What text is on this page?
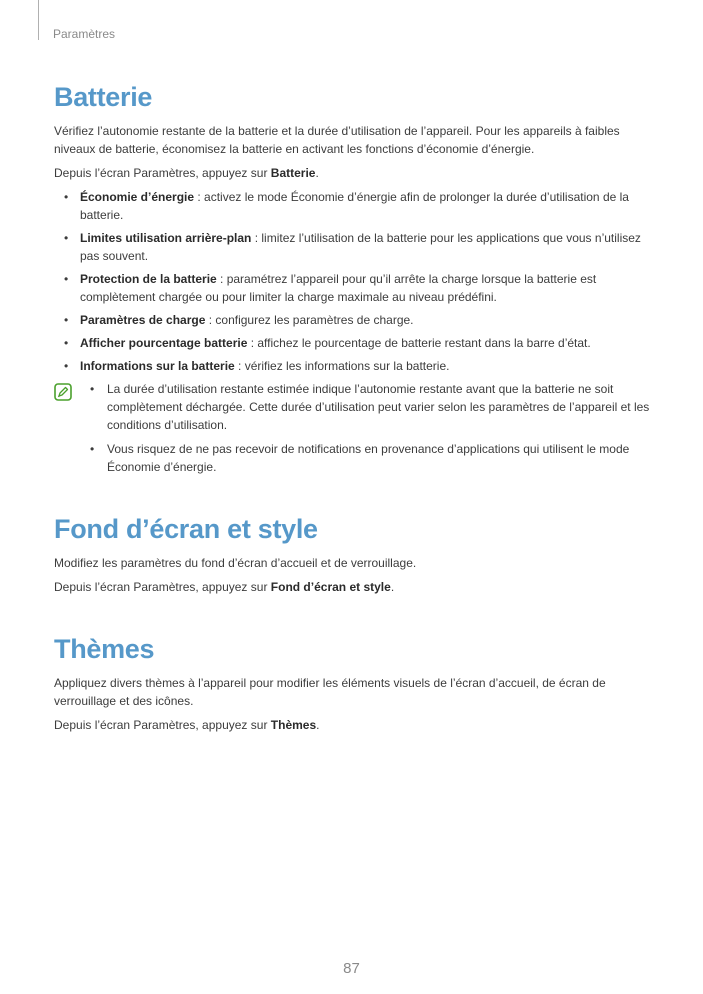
Paramètres
Batterie

Vérifiez l’autonomie restante de la batterie et la durée d’utilisation de l’appareil. Pour les appareils à faibles niveaux de batterie, économisez la batterie en activant les fonctions d’économie d’énergie.

Depuis l’écran Paramètres, appuyez sur Batterie.

• Économie d’énergie : activez le mode Économie d’énergie afin de prolonger la durée d’utilisation de la batterie.
• Limites utilisation arrière-plan : limitez l’utilisation de la batterie pour les applications que vous n’utilisez pas souvent.
• Protection de la batterie : paramétrez l’appareil pour qu’il arrête la charge lorsque la batterie est complètement chargée ou pour limiter la charge maximale au niveau prédéfini.
• Paramètres de charge : configurez les paramètres de charge.
• Afficher pourcentage batterie : affichez le pourcentage de batterie restant dans la barre d’état.
• Informations sur la batterie : vérifiez les informations sur la batterie.
• La durée d’utilisation restante estimée indique l’autonomie restante avant que la batterie ne soit complètement déchargée. Cette durée d’utilisation peut varier selon les paramètres de l’appareil et les conditions d’utilisation.
• Vous risquez de ne pas recevoir de notifications en provenance d’applications qui utilisent le mode Économie d’énergie.
Fond d’écran et style

Modifiez les paramètres du fond d’écran d’accueil et de verrouillage.

Depuis l’écran Paramètres, appuyez sur Fond d’écran et style.

Thèmes

Appliquez divers thèmes à l’appareil pour modifier les éléments visuels de l’écran d’accueil, de écran de verrouillage et des icônes.

Depuis l’écran Paramètres, appuyez sur Thèmes.

87
